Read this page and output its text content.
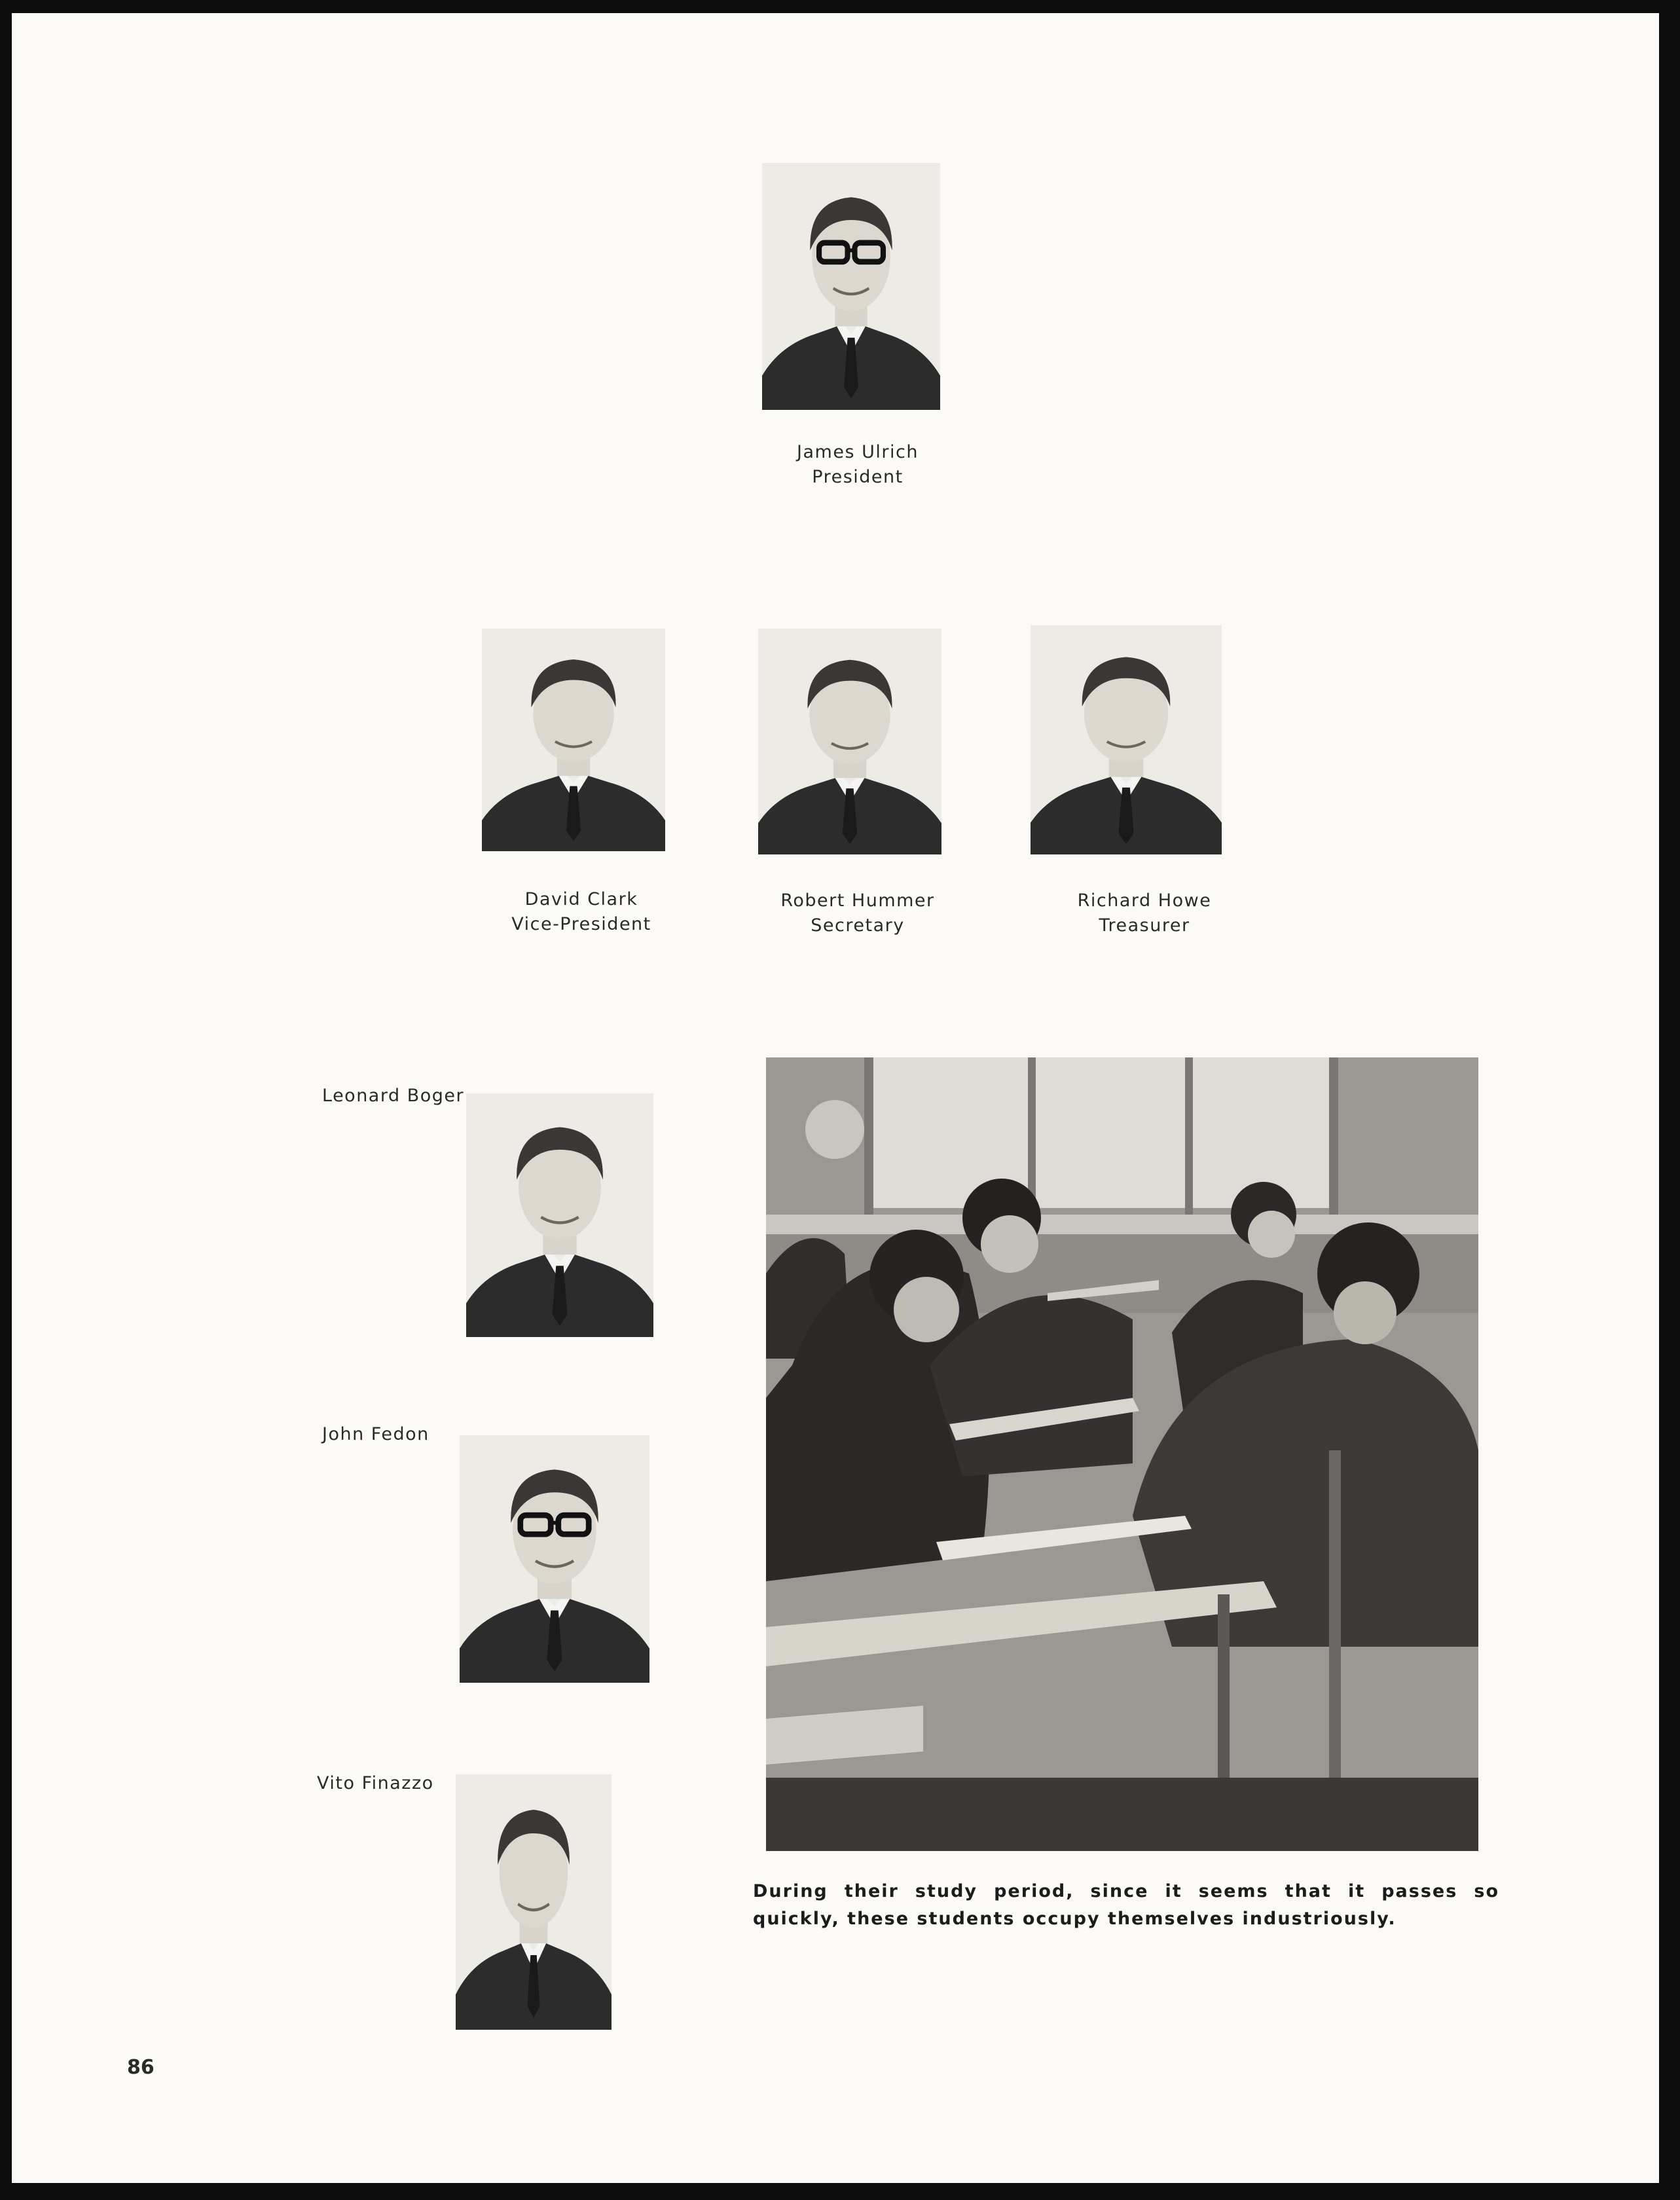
James Ulrich
President
David Clark
Vice-President
Robert Hummer
Secretary
Richard Howe
Treasurer
Leonard Boger
John Fedon
Vito Finazzo
During their study period, since it seems that it passes so quickly, these students occupy themselves industriously.
86
